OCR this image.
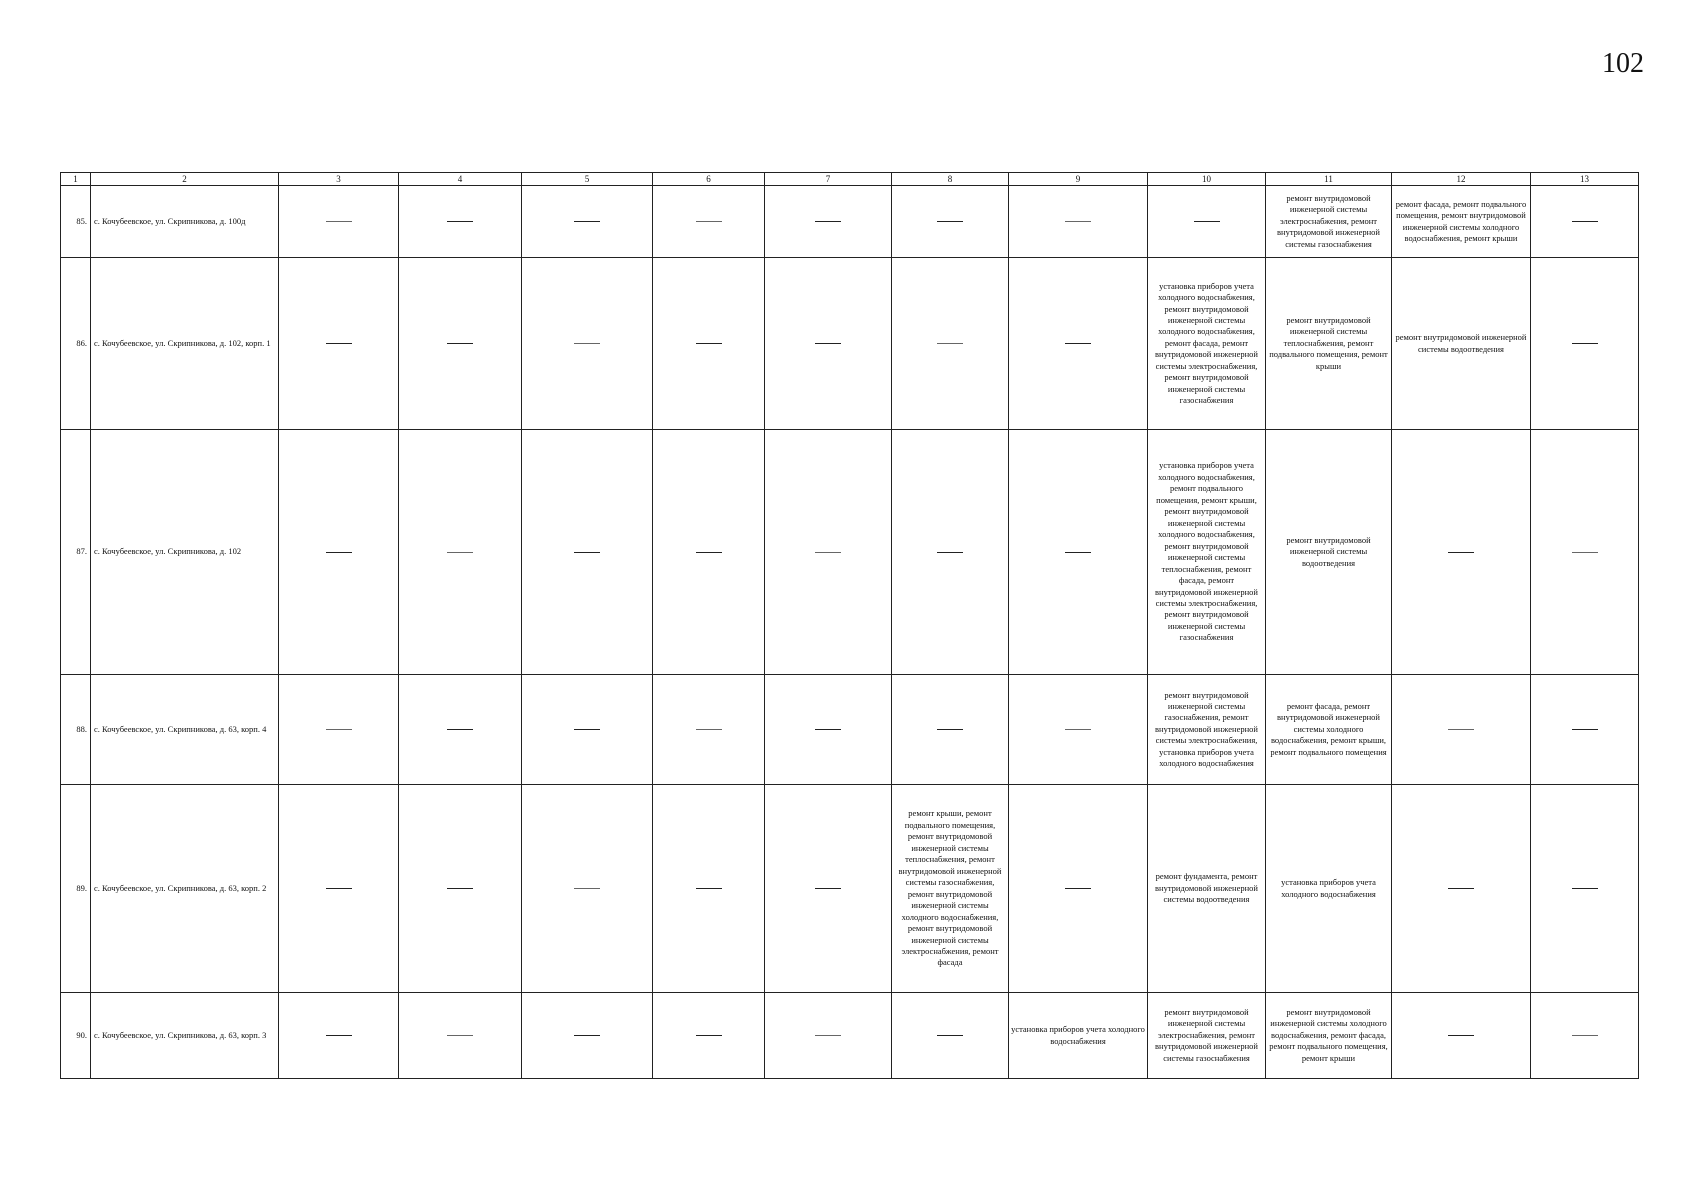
102
1	2	3	4	5	6	7	8	9	10	11	12	13
85.	с. Кочубеевское, ул. Скрипникова, д. 100д									ремонт внутридомовой инженерной системы электроснабжения, ремонт внутридомовой инженерной системы газоснабжения	ремонт фасада, ремонт подвального помещения, ремонт внутридомовой инженерной системы холодного водоснабжения, ремонт крыши	
86.	с. Кочубеевское, ул. Скрипникова, д. 102, корп. 1								установка приборов учета холодного водоснабжения, ремонт внутридомовой инженерной системы холодного водоснабжения, ремонт фасада, ремонт внутридомовой инженерной системы электроснабжения, ремонт внутридомовой инженерной системы газоснабжения	ремонт внутридомовой инженерной системы теплоснабжения, ремонт подвального помещения, ремонт крыши	ремонт внутридомовой инженерной системы водоотведения	
87.	с. Кочубеевское, ул. Скрипникова, д. 102								установка приборов учета холодного водоснабжения, ремонт подвального помещения, ремонт крыши, ремонт внутридомовой инженерной системы холодного водоснабжения, ремонт внутридомовой инженерной системы теплоснабжения, ремонт фасада, ремонт внутридомовой инженерной системы электроснабжения, ремонт внутридомовой инженерной системы газоснабжения	ремонт внутридомовой инженерной системы водоотведения		
88.	с. Кочубеевское, ул. Скрипникова, д. 63, корп. 4								ремонт внутридомовой инженерной системы газоснабжения, ремонт внутридомовой инженерной системы электроснабжения, установка приборов учета холодного водоснабжения	ремонт фасада, ремонт внутридомовой инженерной системы холодного водоснабжения, ремонт крыши, ремонт подвального помещения		
89.	с. Кочубеевское, ул. Скрипникова, д. 63, корп. 2						ремонт крыши, ремонт подвального помещения, ремонт внутридомовой инженерной системы теплоснабжения, ремонт внутридомовой инженерной системы газоснабжения, ремонт внутридомовой инженерной системы холодного водоснабжения, ремонт внутридомовой инженерной системы электроснабжения, ремонт фасада		ремонт фундамента, ремонт внутридомовой инженерной системы водоотведения	установка приборов учета холодного водоснабжения		
90.	с. Кочубеевское, ул. Скрипникова, д. 63, корп. 3							установка приборов учета холодного водоснабжения	ремонт внутридомовой инженерной системы электроснабжения, ремонт внутридомовой инженерной системы газоснабжения	ремонт внутридомовой инженерной системы холодного водоснабжения, ремонт фасада, ремонт подвального помещения, ремонт крыши		
